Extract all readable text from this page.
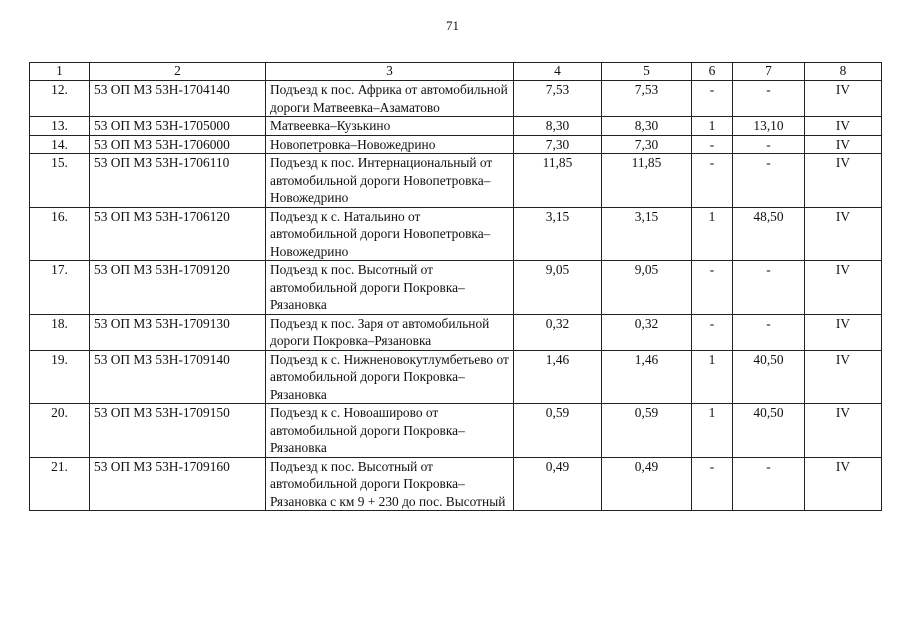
71
1	2	3	4	5	6	7	8
12.	53 ОП МЗ 53Н-1704140	Подъезд к пос. Африка от автомобильной дороги Матвеевка–Азаматово	7,53	7,53	-	-	IV
13.	53 ОП МЗ 53Н-1705000	Матвеевка–Кузькино	8,30	8,30	1	13,10	IV
14.	53 ОП МЗ 53Н-1706000	Новопетровка–Новожедрино	7,30	7,30	-	-	IV
15.	53 ОП МЗ 53Н-1706110	Подъезд к пос. Интернациональный от автомобильной дороги Новопетровка–Новожедрино	11,85	11,85	-	-	IV
16.	53 ОП МЗ 53Н-1706120	Подъезд к с. Натальино от автомобильной дороги Новопетровка–Новожедрино	3,15	3,15	1	48,50	IV
17.	53 ОП МЗ 53Н-1709120	Подъезд к пос. Высотный от автомобильной дороги Покровка–Рязановка	9,05	9,05	-	-	IV
18.	53 ОП МЗ 53Н-1709130	Подъезд к пос. Заря от автомобильной дороги Покровка–Рязановка	0,32	0,32	-	-	IV
19.	53 ОП МЗ 53Н-1709140	Подъезд к с. Нижненовокутлумбетьево от автомобильной дороги Покровка–Рязановка	1,46	1,46	1	40,50	IV
20.	53 ОП МЗ 53Н-1709150	Подъезд к с. Новоаширово от автомобильной дороги Покровка–Рязановка	0,59	0,59	1	40,50	IV
21.	53 ОП МЗ 53Н-1709160	Подъезд к пос. Высотный от автомобильной дороги Покровка–Рязановка с км 9 + 230 до пос. Высотный	0,49	0,49	-	-	IV
